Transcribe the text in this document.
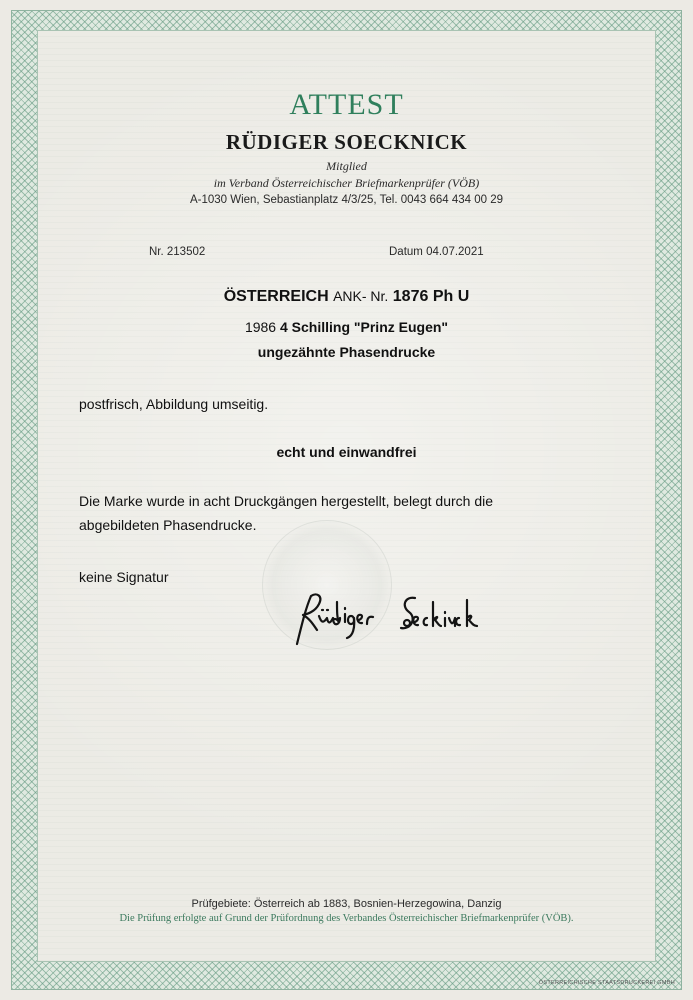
ATTEST
RÜDIGER SOECKNICK
Mitglied
im Verband Österreichischer Briefmarkenprüfer (VÖB)
A-1030 Wien, Sebastianplatz 4/3/25, Tel. 0043 664 434 00 29
Nr. 213502	Datum 04.07.2021
ÖSTERREICH ANK- Nr. 1876 Ph U
1986 4 Schilling "Prinz Eugen"
ungezähnte Phasendrucke
postfrisch, Abbildung umseitig.
echt und einwandfrei
Die Marke wurde in acht Druckgängen hergestellt, belegt durch die
abgebildeten Phasendrucke.
keine Signatur
Prüfgebiete: Österreich ab 1883, Bosnien-Herzegowina, Danzig
Die Prüfung erfolgte auf Grund der Prüfordnung des Verbandes Österreichischer Briefmarkenprüfer (VÖB).
ÖSTERREICHISCHE STAATSDRUCKEREI GMBH
